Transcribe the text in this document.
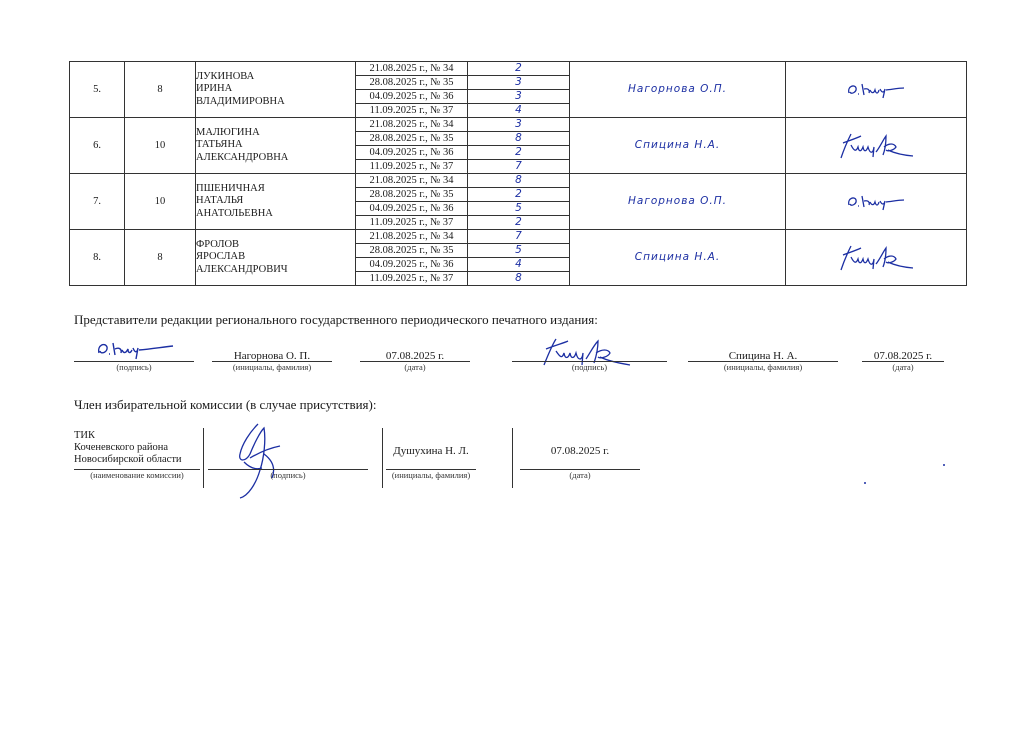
5.	8	ЛУКИНОВА
ИРИНА
ВЛАДИМИРОВНА	21.08.2025 г., № 34	2	Нагорнова О.П.	

			28.08.2025 г., № 35	3		
			04.09.2025 г., № 36	3		
			11.09.2025 г., № 37	4		
6.	10	МАЛЮГИНА
ТАТЬЯНА
АЛЕКСАНДРОВНА	21.08.2025 г., № 34	3	Спицина Н.А.	

			28.08.2025 г., № 35	8		
			04.09.2025 г., № 36	2		
			11.09.2025 г., № 37	7		
7.	10	ПШЕНИЧНАЯ
НАТАЛЬЯ
АНАТОЛЬЕВНА	21.08.2025 г., № 34	8	Нагорнова О.П.	

			28.08.2025 г., № 35	2		
			04.09.2025 г., № 36	5		
			11.09.2025 г., № 37	2		
8.	8	ФРОЛОВ
ЯРОСЛАВ
АЛЕКСАНДРОВИЧ	21.08.2025 г., № 34	7	Спицина Н.А.	

			28.08.2025 г., № 35	5		
			04.09.2025 г., № 36	4		
			11.09.2025 г., № 37	8		
Представители редакции регионального государственного периодического печатного издания:
(подпись)
Нагорнова О. П.
(инициалы, фамилия)
07.08.2025 г.
(дата)	(подпись)
Спицина Н. А.
(инициалы, фамилия)
07.08.2025 г.
(дата)
Член избирательной комиссии (в случае присутствия):
ТИК
Коченевского района
Новосибирской области
(наименование комиссии)	(подпись)
Душухина Н. Л.
(инициалы, фамилия)
07.08.2025 г.
(дата)
